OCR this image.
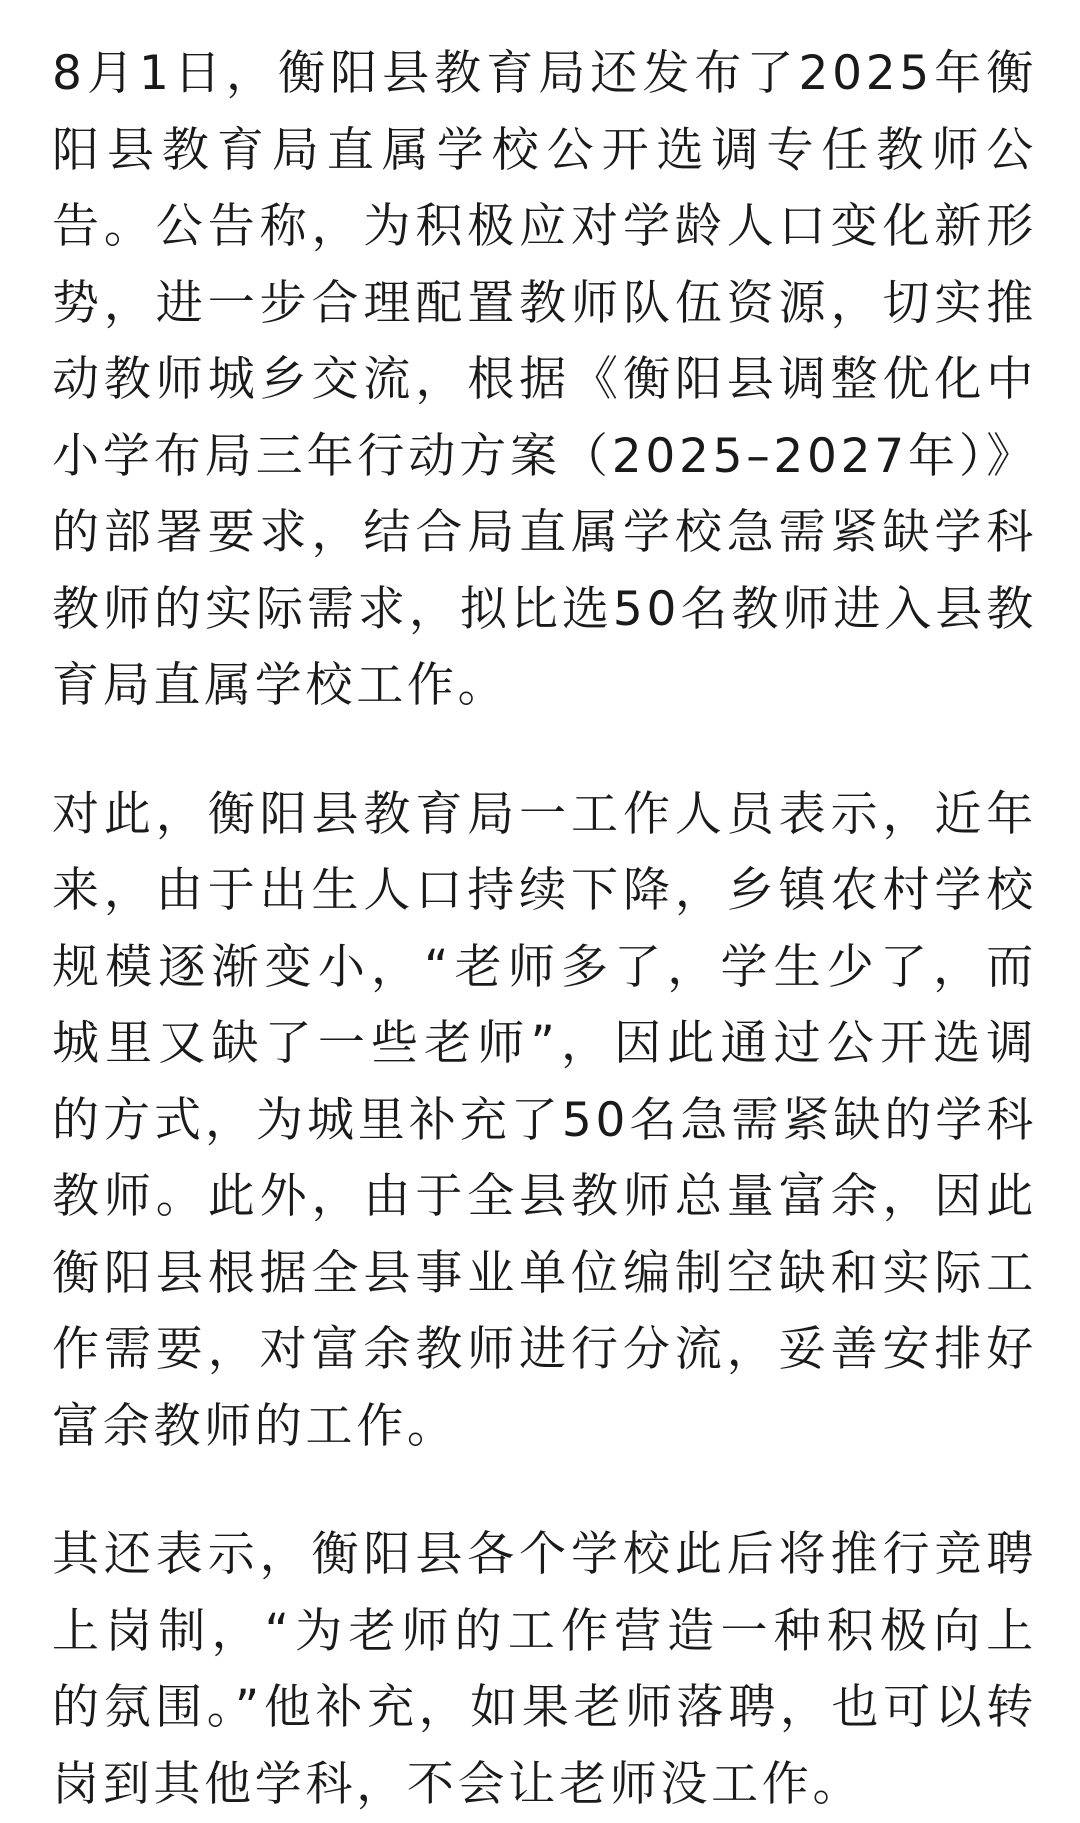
8月1日，衡阳县教育局还发布了2025年衡阳县教育局直属学校公开选调专任教师公告。公告称，为积极应对学龄人口变化新形势，进一步合理配置教师队伍资源，切实推动教师城乡交流，根据《衡阳县调整优化中小学布局三年行动方案（2025–2027年）》的部署要求，结合局直属学校急需紧缺学科教师的实际需求，拟比选50名教师进入县教育局直属学校工作。

对此，衡阳县教育局一工作人员表示，近年来，由于出生人口持续下降，乡镇农村学校规模逐渐变小，“老师多了，学生少了，而城里又缺了一些老师”，因此通过公开选调的方式，为城里补充了50名急需紧缺的学科教师。此外，由于全县教师总量富余，因此衡阳县根据全县事业单位编制空缺和实际工作需要，对富余教师进行分流，妥善安排好富余教师的工作。

其还表示，衡阳县各个学校此后将推行竞聘上岗制，“为老师的工作营造一种积极向上的氛围。”他补充，如果老师落聘，也可以转岗到其他学科，不会让老师没工作。
